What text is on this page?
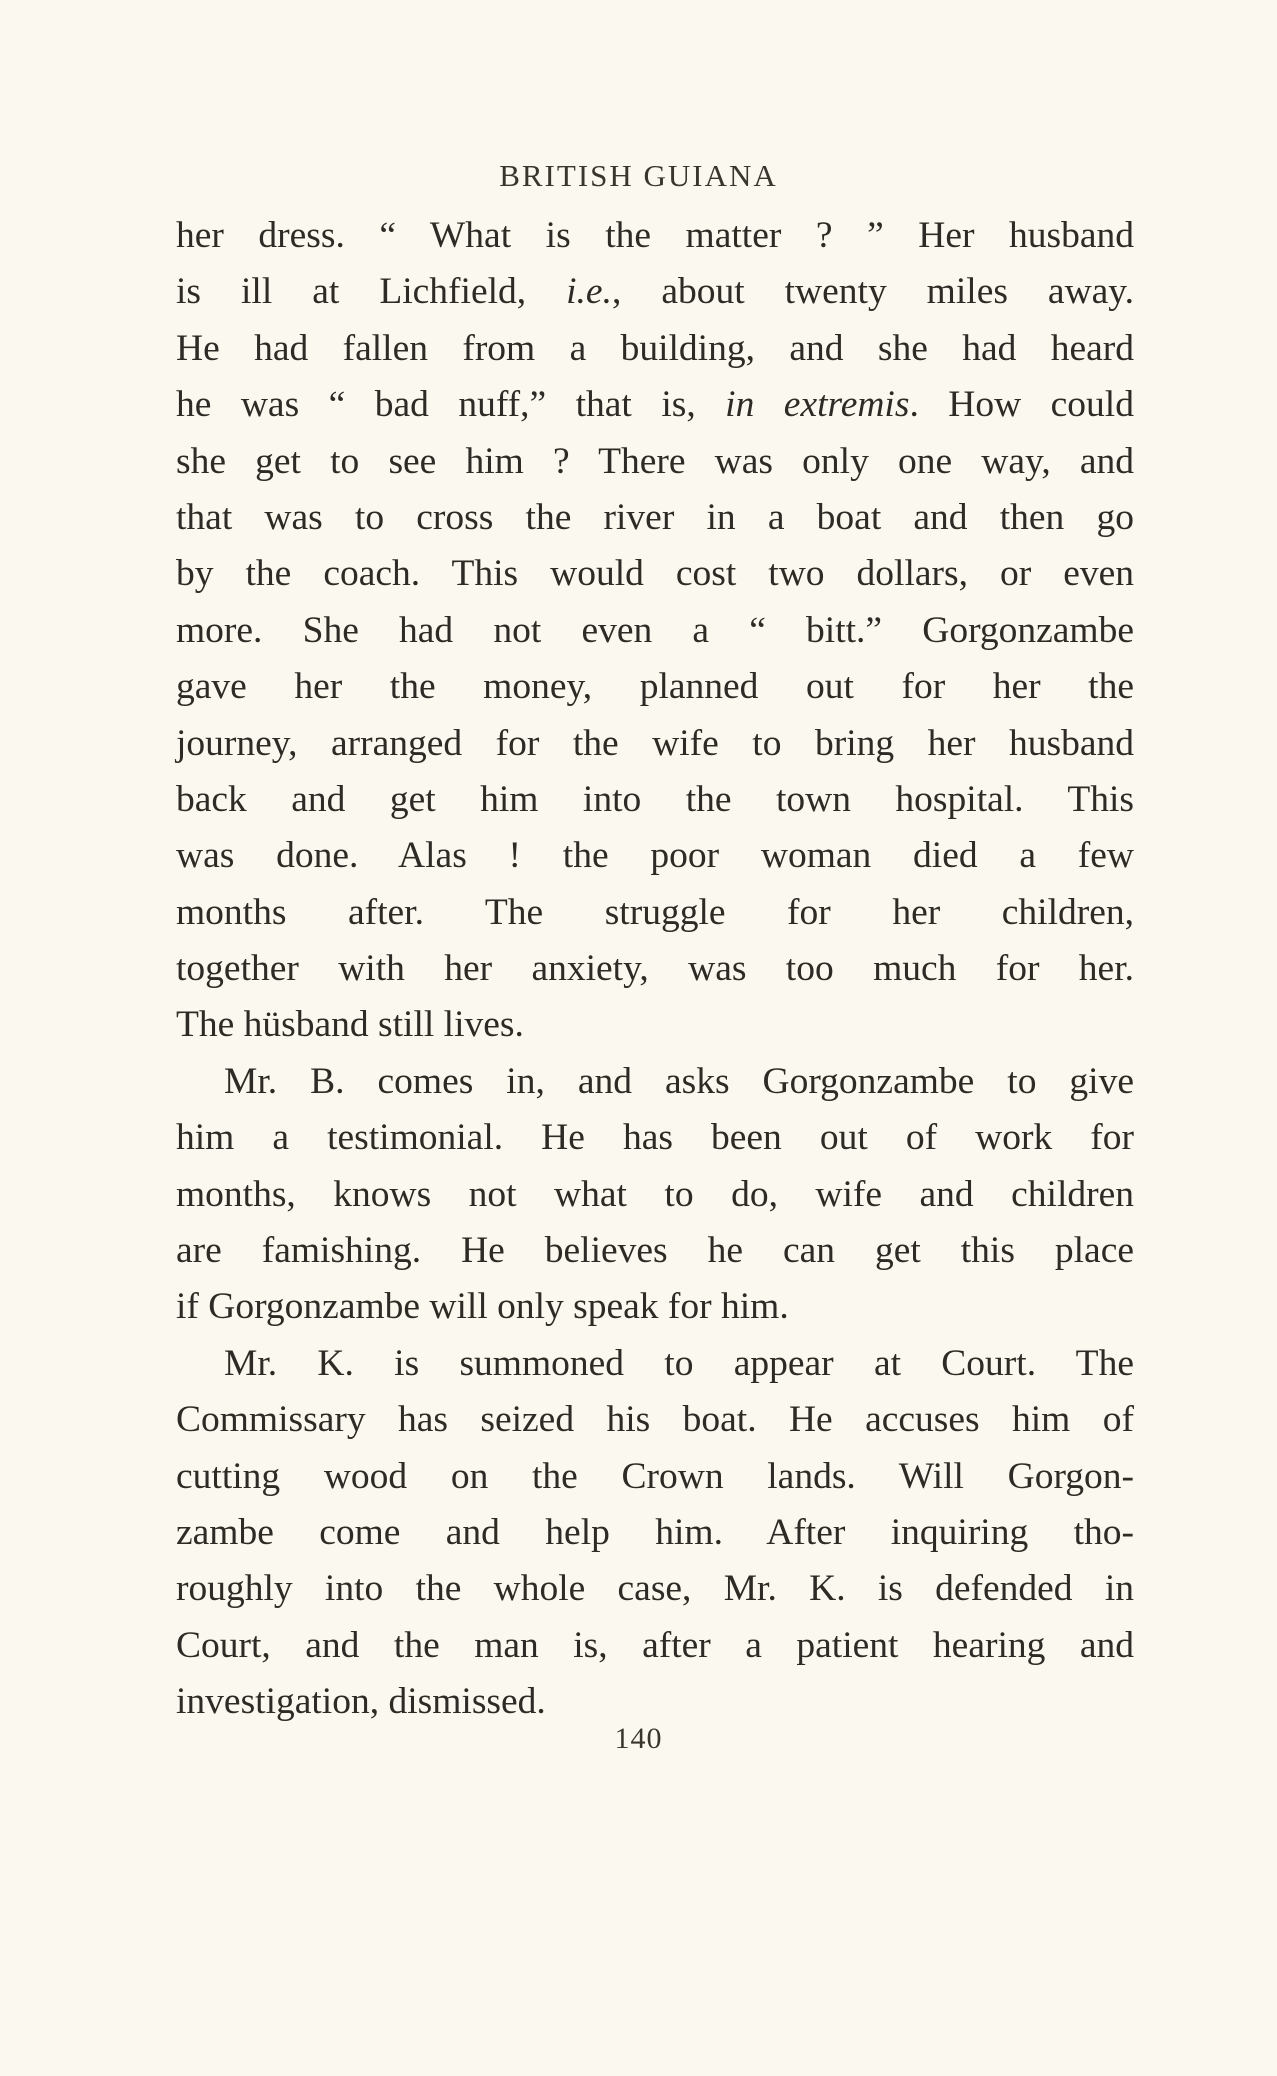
BRITISH GUIANA
her dress. “ What is the matter ? ” Her husband
is ill at Lichfield, i.e., about twenty miles away.
He had fallen from a building, and she had heard
he was “ bad nuff,” that is, in extremis. How could
she get to see him ? There was only one way, and
that was to cross the river in a boat and then go
by the coach. This would cost two dollars, or even
more. She had not even a “ bitt.” Gorgonzambe
gave her the money, planned out for her the
journey, arranged for the wife to bring her husband
back and get him into the town hospital. This
was done. Alas ! the poor woman died a few
months after. The struggle for her children,
together with her anxiety, was too much for her.
The hüsband still lives.
Mr. B. comes in, and asks Gorgonzambe to give
him a testimonial. He has been out of work for
months, knows not what to do, wife and children
are famishing. He believes he can get this place
if Gorgonzambe will only speak for him.
Mr. K. is summoned to appear at Court. The
Commissary has seized his boat. He accuses him of
cutting wood on the Crown lands. Will Gorgon-
zambe come and help him. After inquiring tho-
roughly into the whole case, Mr. K. is defended in
Court, and the man is, after a patient hearing and
investigation, dismissed.
140
